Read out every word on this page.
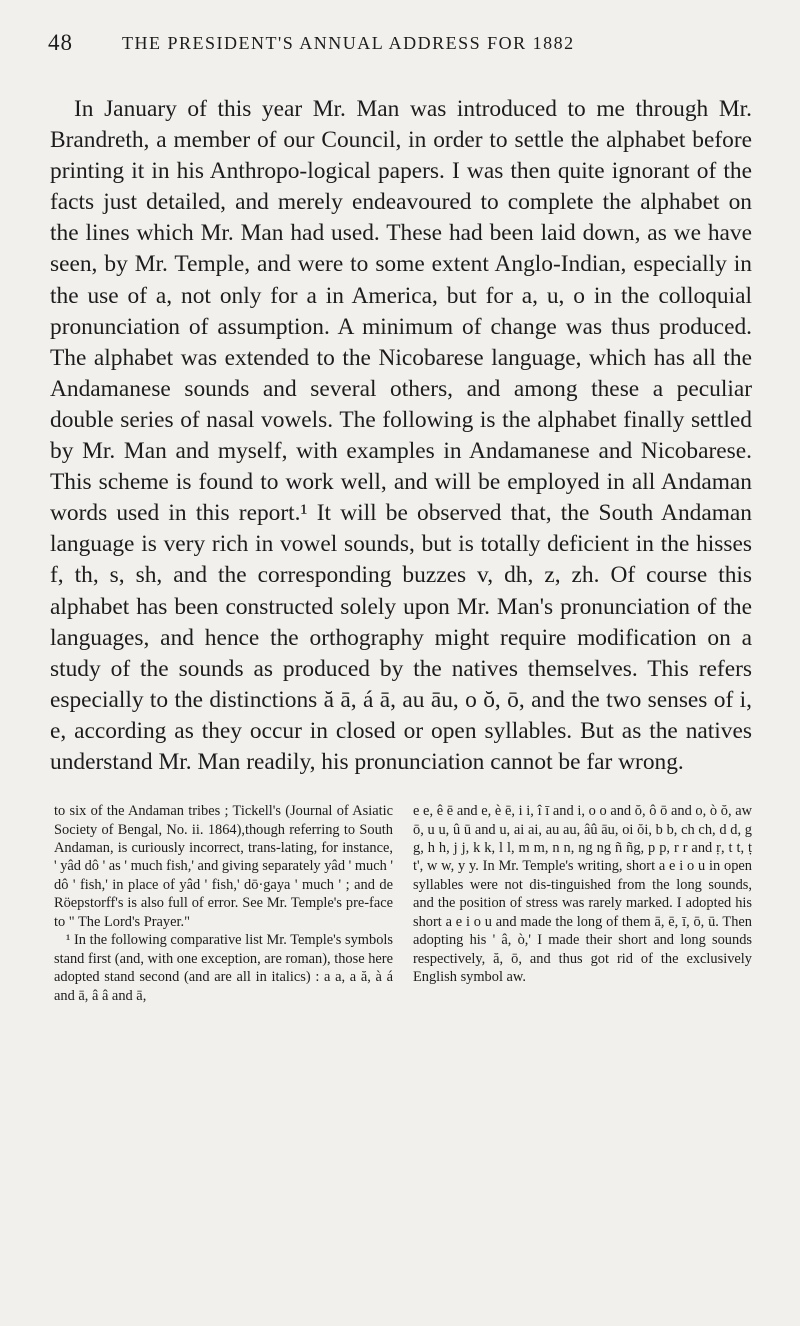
48	THE PRESIDENT'S ANNUAL ADDRESS FOR 1882

In January of this year Mr. Man was introduced to me through Mr. Brandreth, a member of our Council, in order to settle the alphabet before printing it in his Anthropo-logical papers. I was then quite ignorant of the facts just detailed, and merely endeavoured to complete the alphabet on the lines which Mr. Man had used. These had been laid down, as we have seen, by Mr. Temple, and were to some extent Anglo-Indian, especially in the use of a, not only for a in America, but for a, u, o in the colloquial pronunciation of assumption. A minimum of change was thus produced. The alphabet was extended to the Nicobarese language, which has all the Andamanese sounds and several others, and among these a peculiar double series of nasal vowels. The following is the alphabet finally settled by Mr. Man and myself, with examples in Andamanese and Nicobarese. This scheme is found to work well, and will be employed in all Andaman words used in this report.¹ It will be observed that, the South Andaman language is very rich in vowel sounds, but is totally deficient in the hisses f, th, s, sh, and the corresponding buzzes v, dh, z, zh. Of course this alphabet has been constructed solely upon Mr. Man's pronunciation of the languages, and hence the orthography might require modification on a study of the sounds as produced by the natives themselves. This refers especially to the distinctions ă ā, á ā, au āu, o ŏ, ō, and the two senses of i, e, according as they occur in closed or open syllables. But as the natives understand Mr. Man readily, his pronunciation cannot be far wrong.

to six of the Andaman tribes ; Tickell's (Journal of Asiatic Society of Bengal, No. ii. 1864),though referring to South Andaman, is curiously incorrect, trans-lating, for instance, ' yâd dô ' as ' much fish,' and giving separately yâd ' much ' dô ' fish,' in place of yâd ' fish,' dō·gaya ' much ' ; and de Röepstorff's is also full of error. See Mr. Temple's pre-face to " The Lord's Prayer."

¹ In the following comparative list Mr. Temple's symbols stand first (and, with one exception, are roman), those here adopted stand second (and are all in italics) : a a, a ă, à á and ā, â â and ā,

e e, ê ē and e, è ē, i i, î ī and i, o o and ŏ, ô ō and o, ò ŏ, aw ō, u u, û ū and u, ai ai, au au, âû āu, oi ŏi, b b, ch ch, d d, g g, h h, j j, k k, l l, m m, n n, ng ng ñ ñg, p p, r r and ṛ, t t, ṭ t', w w, y y. In Mr. Temple's writing, short a e i o u in open syllables were not dis-tinguished from the long sounds, and the position of stress was rarely marked. I adopted his short a e i o u and made the long of them ā, ē, ī, ō, ū. Then adopting his ' â, ò,' I made their short and long sounds respectively, ă, ō, and thus got rid of the exclusively English symbol aw.
